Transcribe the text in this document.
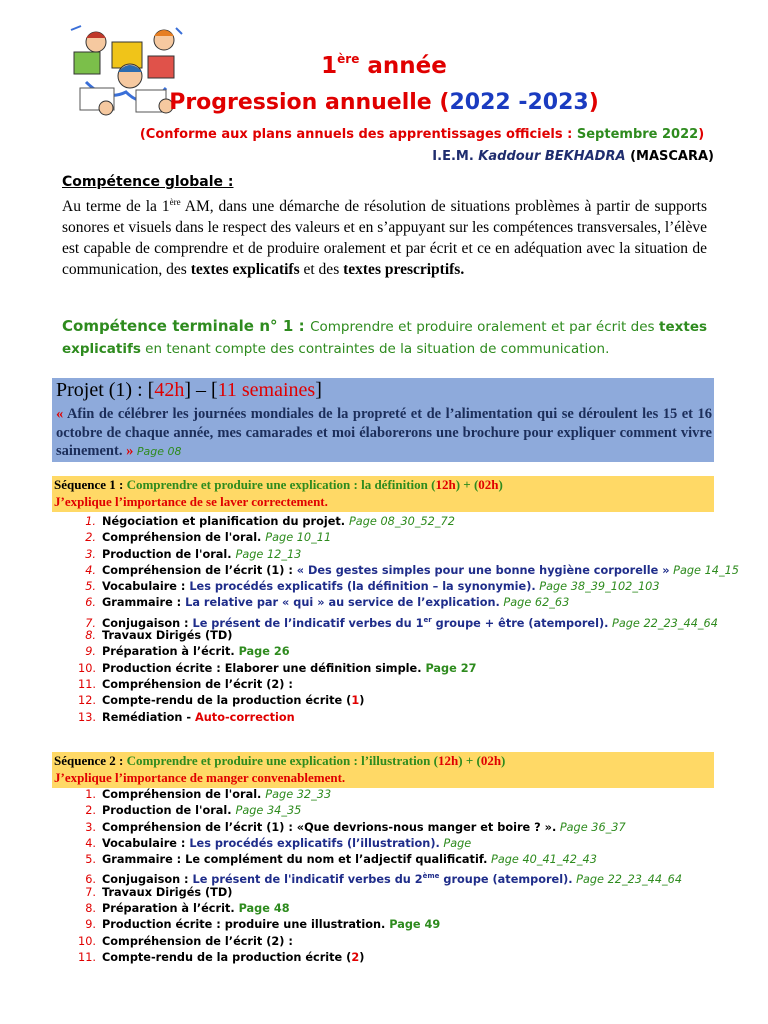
1ère année
Progression annuelle (2022 -2023)
(Conforme aux plans annuels des apprentissages officiels : Septembre 2022)
I.E.M. Kaddour BEKHADRA (MASCARA)
Compétence globale :
Au terme de la 1ère AM, dans une démarche de résolution de situations problèmes à partir de supports sonores et visuels dans le respect des valeurs et en s’appuyant sur les compétences transversales, l’élève est capable de comprendre et de produire oralement et par écrit et ce en adéquation avec la situation de communication, des textes explicatifs et des textes prescriptifs.
Compétence terminale n° 1 : Comprendre et produire oralement et par écrit des textes explicatifs en tenant compte des contraintes de la situation de communication.
Projet (1) : [42h] – [11 semaines]
« Afin de célébrer les journées mondiales de la propreté et de l’alimentation qui se déroulent les 15 et 16 octobre de chaque année, mes camarades et moi élaborerons une brochure pour expliquer comment vivre sainement. » Page 08
Séquence 1 : Comprendre et produire une explication : la définition (12h) + (02h)
J’explique l’importance de se laver correctement.
1. Négociation et planification du projet. Page 08_30_52_72
2. Compréhension de l'oral. Page 10_11
3. Production de l'oral. Page 12_13
4. Compréhension de l’écrit (1) : « Des gestes simples pour une bonne hygiène corporelle » Page 14_15
5. Vocabulaire : Les procédés explicatifs (la définition – la synonymie). Page 38_39_102_103
6. Grammaire : La relative par « qui » au service de l’explication. Page 62_63
7. Conjugaison : Le présent de l’indicatif verbes du 1er groupe + être (atemporel). Page 22_23_44_64
8. Travaux Dirigés (TD)
9. Préparation à l’écrit. Page 26
10. Production écrite : Elaborer une définition simple. Page 27
11. Compréhension de l’écrit (2) :
12. Compte-rendu de la production écrite (1)
13. Remédiation - Auto-correction
Séquence 2 : Comprendre et produire une explication : l’illustration (12h) + (02h)
J’explique l’importance de manger convenablement.
1. Compréhension de l'oral. Page 32_33
2. Production de l'oral. Page 34_35
3. Compréhension de l’écrit (1) : «Que devrions-nous manger et boire ? ». Page 36_37
4. Vocabulaire : Les procédés explicatifs (l’illustration). Page
5. Grammaire : Le complément du nom et l’adjectif qualificatif. Page 40_41_42_43
6. Conjugaison : Le présent de l'indicatif verbes du 2ème groupe (atemporel). Page 22_23_44_64
7. Travaux Dirigés (TD)
8. Préparation à l’écrit. Page 48
9. Production écrite : produire une illustration. Page 49
10. Compréhension de l’écrit (2) :
11. Compte-rendu de la production écrite (2)
